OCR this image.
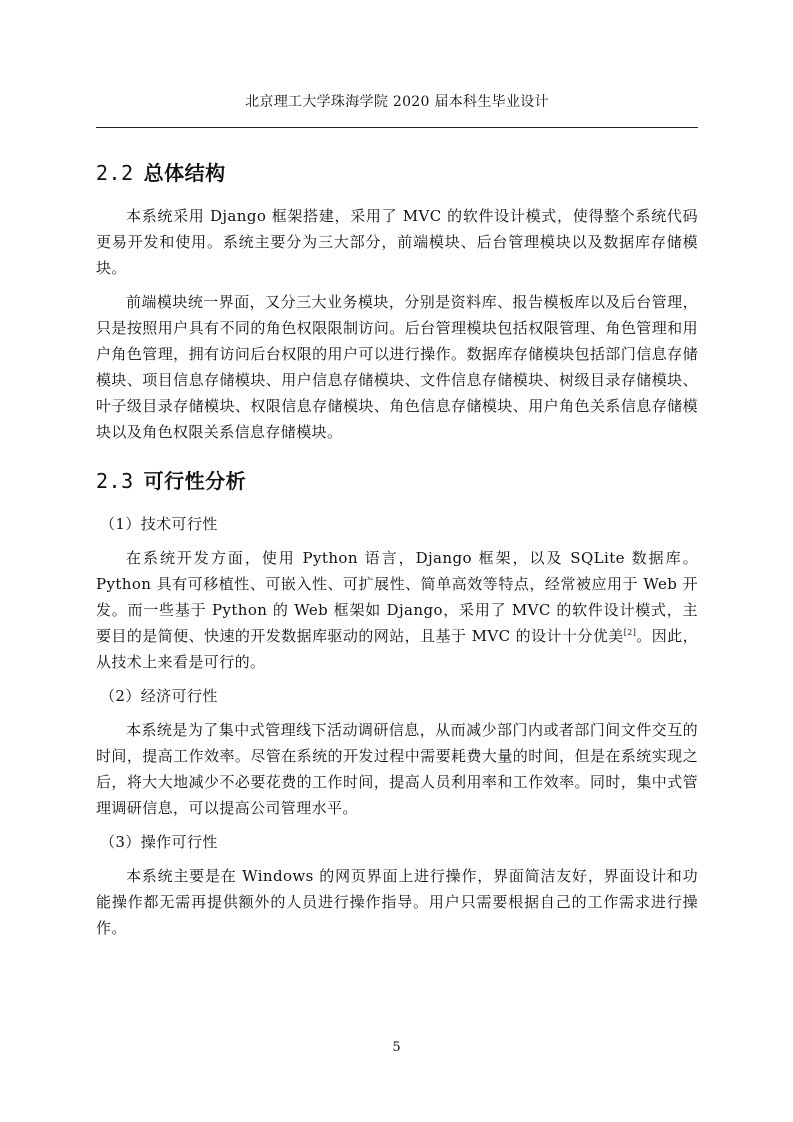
北京理工大学珠海学院 2020 届本科生毕业设计
2.2 总体结构

本系统采用 Django 框架搭建，采用了 MVC 的软件设计模式，使得整个系统代码更易开发和使用。系统主要分为三大部分，前端模块、后台管理模块以及数据库存储模块。

前端模块统一界面，又分三大业务模块，分别是资料库、报告模板库以及后台管理，只是按照用户具有不同的角色权限限制访问。后台管理模块包括权限管理、角色管理和用户角色管理，拥有访问后台权限的用户可以进行操作。数据库存储模块包括部门信息存储模块、项目信息存储模块、用户信息存储模块、文件信息存储模块、树级目录存储模块、叶子级目录存储模块、权限信息存储模块、角色信息存储模块、用户角色关系信息存储模块以及角色权限关系信息存储模块。

2.3 可行性分析
（1）技术可行性

在系统开发方面，使用 Python 语言，Django 框架，以及 SQLite 数据库。Python 具有可移植性、可嵌入性、可扩展性、简单高效等特点，经常被应用于 Web 开发。而一些基于 Python 的 Web 框架如 Django，采用了 MVC 的软件设计模式，主要目的是简便、快速的开发数据库驱动的网站，且基于 MVC 的设计十分优美[2]。因此，从技术上来看是可行的。

（2）经济可行性

本系统是为了集中式管理线下活动调研信息，从而减少部门内或者部门间文件交互的时间，提高工作效率。尽管在系统的开发过程中需要耗费大量的时间，但是在系统实现之后，将大大地减少不必要花费的工作时间，提高人员利用率和工作效率。同时，集中式管理调研信息，可以提高公司管理水平。

（3）操作可行性

本系统主要是在 Windows 的网页界面上进行操作，界面简洁友好，界面设计和功能操作都无需再提供额外的人员进行操作指导。用户只需要根据自己的工作需求进行操作。

5
